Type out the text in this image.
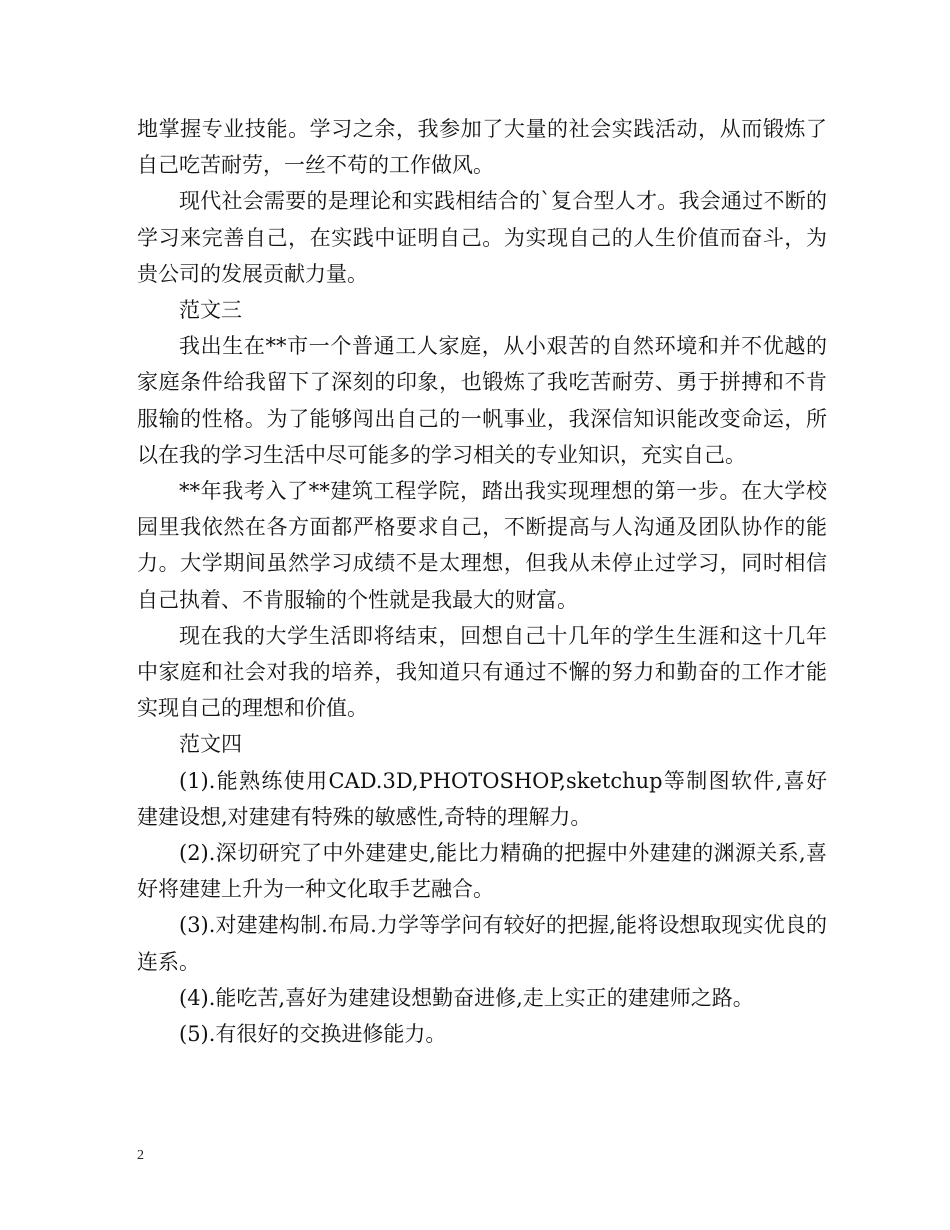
地掌握专业技能。学习之余，我参加了大量的社会实践活动，从而锻炼了自己吃苦耐劳，一丝不苟的工作做风。

现代社会需要的是理论和实践相结合的`复合型人才。我会通过不断的学习来完善自己，在实践中证明自己。为实现自己的人生价值而奋斗，为贵公司的发展贡献力量。

范文三

我出生在**市一个普通工人家庭，从小艰苦的自然环境和并不优越的家庭条件给我留下了深刻的印象，也锻炼了我吃苦耐劳、勇于拼搏和不肯服输的性格。为了能够闯出自己的一帆事业，我深信知识能改变命运，所以在我的学习生活中尽可能多的学习相关的专业知识，充实自己。

**年我考入了**建筑工程学院，踏出我实现理想的第一步。在大学校园里我依然在各方面都严格要求自己，不断提高与人沟通及团队协作的能力。大学期间虽然学习成绩不是太理想，但我从未停止过学习，同时相信自己执着、不肯服输的个性就是我最大的财富。

现在我的大学生活即将结束，回想自己十几年的学生生涯和这十几年中家庭和社会对我的培养，我知道只有通过不懈的努力和勤奋的工作才能实现自己的理想和价值。

范文四

(1).能熟练使用CAD.3D,PHOTOSHOP,sketchup等制图软件,喜好建建设想,对建建有特殊的敏感性,奇特的理解力。

(2).深切研究了中外建建史,能比力精确的把握中外建建的渊源关系,喜好将建建上升为一种文化取手艺融合。

(3).对建建构制.布局.力学等学问有较好的把握,能将设想取现实优良的连系。

(4).能吃苦,喜好为建建设想勤奋进修,走上实正的建建师之路。

(5).有很好的交换进修能力。

2
